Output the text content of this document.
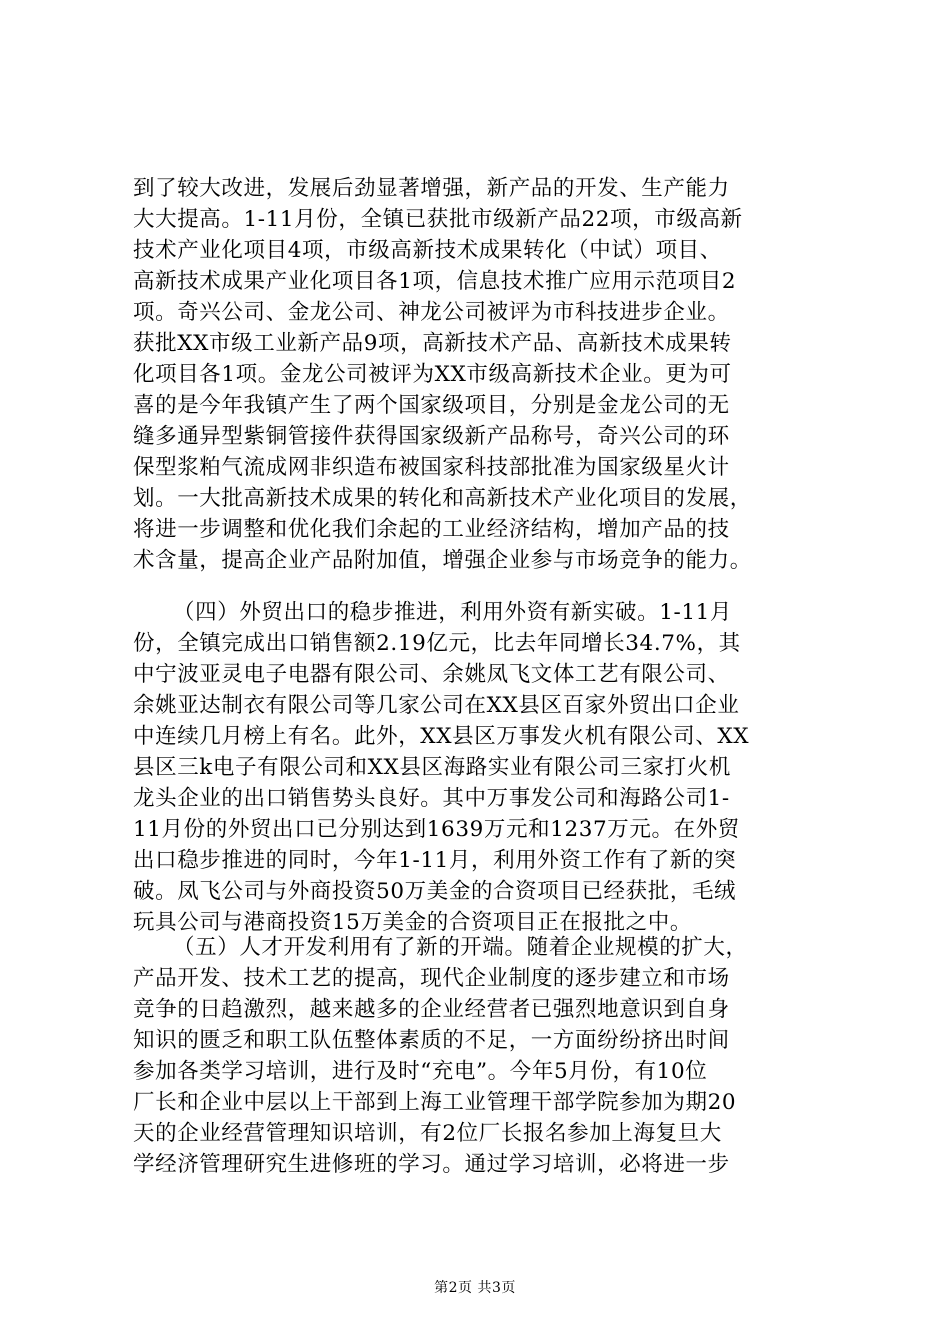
到了较大改进，发展后劲显著增强，新产品的开发、生产能力
大大提高。1-11月份，全镇已获批市级新产品22项，市级高新
技术产业化项目4项，市级高新技术成果转化（中试）项目、
高新技术成果产业化项目各1项，信息技术推广应用示范项目2
项。奇兴公司、金龙公司、神龙公司被评为市科技进步企业。
获批XX市级工业新产品9项，高新技术产品、高新技术成果转
化项目各1项。金龙公司被评为XX市级高新技术企业。更为可
喜的是今年我镇产生了两个国家级项目，分别是金龙公司的无
缝多通异型紫铜管接件获得国家级新产品称号，奇兴公司的环
保型浆粕气流成网非织造布被国家科技部批准为国家级星火计
划。一大批高新技术成果的转化和高新技术产业化项目的发展，
将进一步调整和优化我们余起的工业经济结构，增加产品的技
术含量，提高企业产品附加值，增强企业参与市场竞争的能力。
（四）外贸出口的稳步推进，利用外资有新实破。1-11月
份，全镇完成出口销售额2.19亿元，比去年同增长34.7%，其
中宁波亚灵电子电器有限公司、余姚凤飞文体工艺有限公司、
余姚亚达制衣有限公司等几家公司在XX县区百家外贸出口企业
中连续几月榜上有名。此外，XX县区万事发火机有限公司、XX
县区三k电子有限公司和XX县区海路实业有限公司三家打火机
龙头企业的出口销售势头良好。其中万事发公司和海路公司1-
11月份的外贸出口已分别达到1639万元和1237万元。在外贸
出口稳步推进的同时，今年1-11月，利用外资工作有了新的突
破。凤飞公司与外商投资50万美金的合资项目已经获批，毛绒
玩具公司与港商投资15万美金的合资项目正在报批之中。
（五）人才开发利用有了新的开端。随着企业规模的扩大，
产品开发、技术工艺的提高，现代企业制度的逐步建立和市场
竞争的日趋激烈，越来越多的企业经营者已强烈地意识到自身
知识的匮乏和职工队伍整体素质的不足，一方面纷纷挤出时间
参加各类学习培训，进行及时“充电”。今年5月份，有10位
厂长和企业中层以上干部到上海工业管理干部学院参加为期20
天的企业经营管理知识培训，有2位厂长报名参加上海复旦大
学经济管理研究生进修班的学习。通过学习培训，必将进一步
第2页 共3页
